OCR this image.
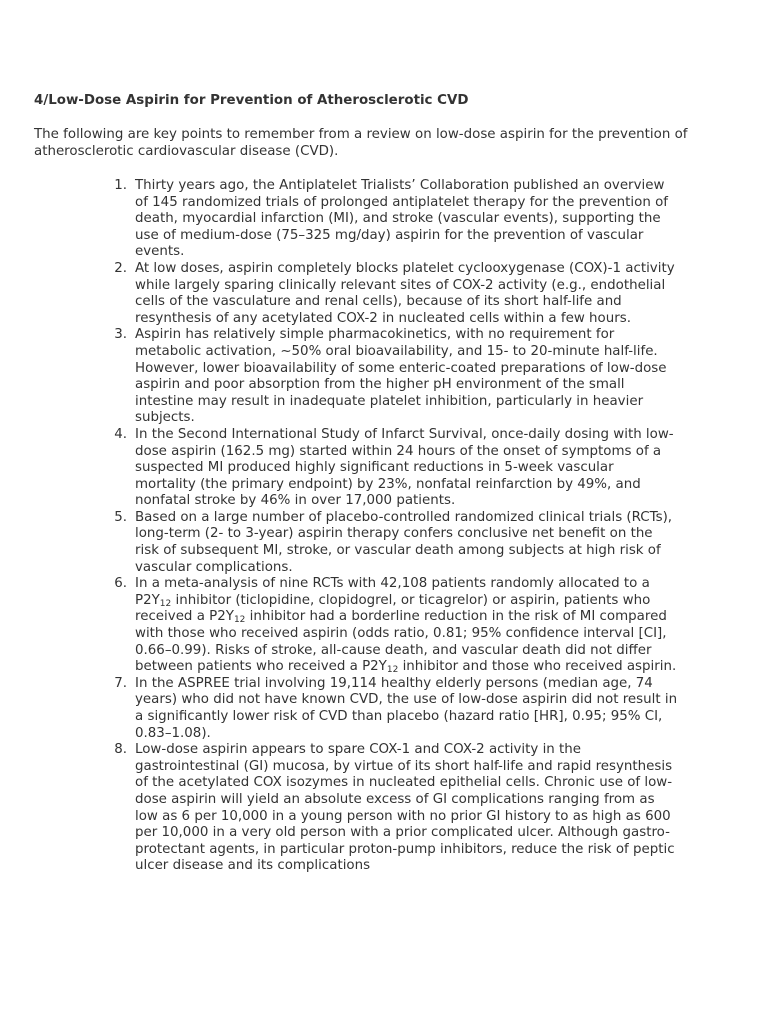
4/Low-Dose Aspirin for Prevention of Atherosclerotic CVD

The following are key points to remember from a review on low-dose aspirin for the prevention of atherosclerotic cardiovascular disease (CVD).

1. Thirty years ago, the Antiplatelet Trialists’ Collaboration published an overview of 145 randomized trials of prolonged antiplatelet therapy for the prevention of death, myocardial infarction (MI), and stroke (vascular events), supporting the use of medium-dose (75–325 mg/day) aspirin for the prevention of vascular events.
2. At low doses, aspirin completely blocks platelet cyclooxygenase (COX)-1 activity while largely sparing clinically relevant sites of COX-2 activity (e.g., endothelial cells of the vasculature and renal cells), because of its short half-life and resynthesis of any acetylated COX-2 in nucleated cells within a few hours.
3. Aspirin has relatively simple pharmacokinetics, with no requirement for metabolic activation, ~50% oral bioavailability, and 15- to 20-minute half-life. However, lower bioavailability of some enteric-coated preparations of low-dose aspirin and poor absorption from the higher pH environment of the small intestine may result in inadequate platelet inhibition, particularly in heavier subjects.
4. In the Second International Study of Infarct Survival, once-daily dosing with low-dose aspirin (162.5 mg) started within 24 hours of the onset of symptoms of a suspected MI produced highly significant reductions in 5-week vascular mortality (the primary endpoint) by 23%, nonfatal reinfarction by 49%, and nonfatal stroke by 46% in over 17,000 patients.
5. Based on a large number of placebo-controlled randomized clinical trials (RCTs), long-term (2- to 3-year) aspirin therapy confers conclusive net benefit on the risk of subsequent MI, stroke, or vascular death among subjects at high risk of vascular complications.
6. In a meta-analysis of nine RCTs with 42,108 patients randomly allocated to a $P2Y_{12}$ inhibitor (ticlopidine, clopidogrel, or ticagrelor) or aspirin, patients who received a $P2Y_{12}$ inhibitor had a borderline reduction in the risk of MI compared with those who received aspirin (odds ratio, 0.81; 95% confidence interval [CI], 0.66–0.99). Risks of stroke, all-cause death, and vascular death did not differ between patients who received a $P2Y_{12}$ inhibitor and those who received aspirin.
7. In the ASPREE trial involving 19,114 healthy elderly persons (median age, 74 years) who did not have known CVD, the use of low-dose aspirin did not result in a significantly lower risk of CVD than placebo (hazard ratio [HR], 0.95; 95% CI, 0.83–1.08).
8. Low-dose aspirin appears to spare COX-1 and COX-2 activity in the gastrointestinal (GI) mucosa, by virtue of its short half-life and rapid resynthesis of the acetylated COX isozymes in nucleated epithelial cells. Chronic use of low-dose aspirin will yield an absolute excess of GI complications ranging from as low as 6 per 10,000 in a young person with no prior GI history to as high as 600 per 10,000 in a very old person with a prior complicated ulcer. Although gastro-protectant agents, in particular proton-pump inhibitors, reduce the risk of peptic ulcer disease and its complications
